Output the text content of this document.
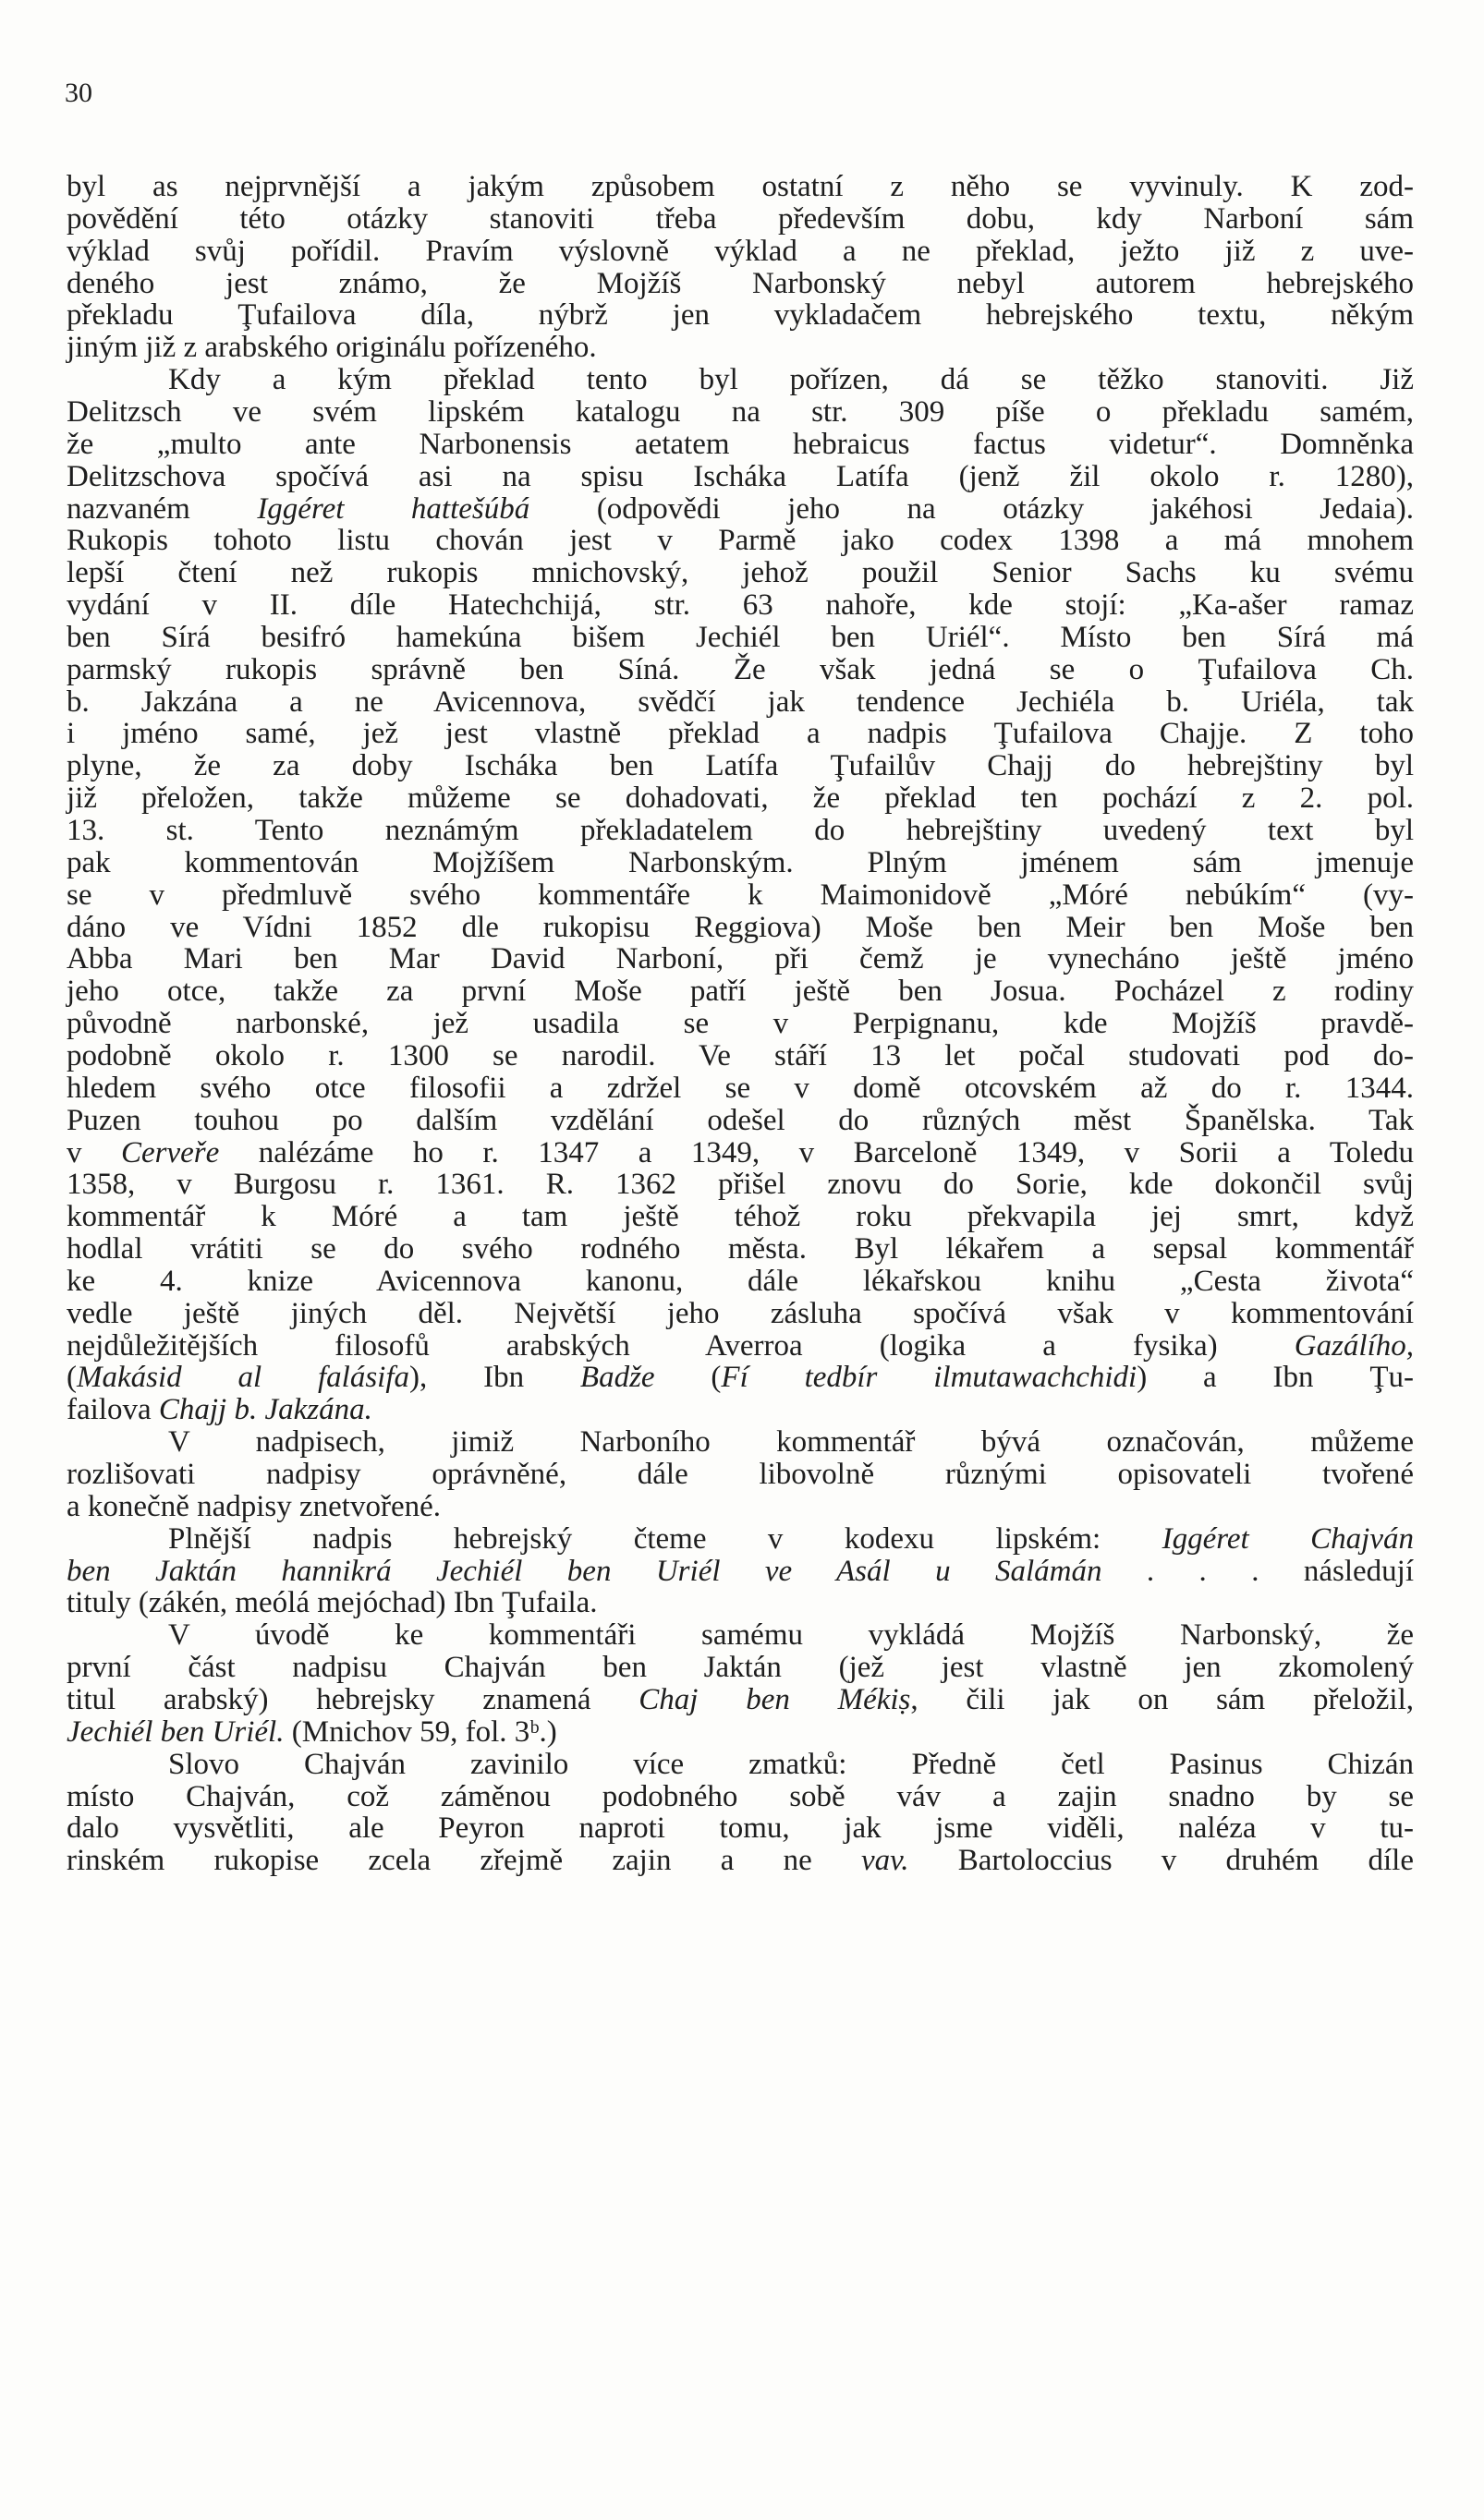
30
byl as nejprvnější a jakým způsobem ostatní z něho se vyvinuly. K zod-
povědění této otázky stanoviti třeba především dobu, kdy Narboní sám
výklad svůj pořídil. Pravím výslovně výklad a ne překlad, ježto již z uve-
deného jest známo, že Mojžíš Narbonský nebyl autorem hebrejského
překladu Ţufailova díla, nýbrž jen vykladačem hebrejského textu, někým
jiným již z arabského originálu pořízeného.
Kdy a kým překlad tento byl pořízen, dá se těžko stanoviti. Již
Delitzsch ve svém lipském katalogu na str. 309 píše o překladu samém,
že „multo ante Narbonensis aetatem hebraicus factus videtur“. Domněnka
Delitzschova spočívá asi na spisu Ischáka Latífa (jenž žil okolo r. 1280),
nazvaném Iggéret hattešúbá (odpovědi jeho na otázky jakéhosi Jedaia).
Rukopis tohoto listu chován jest v Parmě jako codex 1398 a má mnohem
lepší čtení než rukopis mnichovský, jehož použil Senior Sachs ku svému
vydání v II. díle Hatechchijá, str. 63 nahoře, kde stojí: „Ka-ašer ramaz
ben Sírá besifró hamekúna bišem Jechiél ben Uriél“. Místo ben Sírá má
parmský rukopis správně ben Síná. Že však jedná se o Ţufailova Ch.
b. Jakzána a ne Avicennova, svědčí jak tendence Jechiéla b. Uriéla, tak
i jméno samé, jež jest vlastně překlad a nadpis Ţufailova Chajje. Z toho
plyne, že za doby Ischáka ben Latífa Ţufailův Chajj do hebrejštiny byl
již přeložen, takže můžeme se dohadovati, že překlad ten pochází z 2. pol.
13. st. Tento neznámým překladatelem do hebrejštiny uvedený text byl
pak kommentován Mojžíšem Narbonským. Plným jménem sám jmenuje
se v předmluvě svého kommentáře k Maimonidově „Móré nebúkím“ (vy-
dáno ve Vídni 1852 dle rukopisu Reggiova) Moše ben Meir ben Moše ben
Abba Mari ben Mar David Narboní, při čemž je vynecháno ještě jméno
jeho otce, takže za první Moše patří ještě ben Josua. Pocházel z rodiny
původně narbonské, jež usadila se v Perpignanu, kde Mojžíš pravdě-
podobně okolo r. 1300 se narodil. Ve stáří 13 let počal studovati pod do-
hledem svého otce filosofii a zdržel se v domě otcovském až do r. 1344.
Puzen touhou po dalším vzdělání odešel do různých měst Španělska. Tak
v Cerveře nalézáme ho r. 1347 a 1349, v Barceloně 1349, v Sorii a Toledu
1358, v Burgosu r. 1361. R. 1362 přišel znovu do Sorie, kde dokončil svůj
kommentář k Móré a tam ještě téhož roku překvapila jej smrt, když
hodlal vrátiti se do svého rodného města. Byl lékařem a sepsal kommentář
ke 4. knize Avicennova kanonu, dále lékařskou knihu „Cesta života“
vedle ještě jiných děl. Největší jeho zásluha spočívá však v kommentování
nejdůležitějších filosofů arabských Averroa (logika a fysika) Gazálího,
(Makásid al falásifa), Ibn Badže (Fí tedbír ilmutawachchidi) a Ibn Ţu-
failova Chajj b. Jakzána.
V nadpisech, jimiž Narboního kommentář bývá označován, můžeme
rozlišovati nadpisy oprávněné, dále libovolně různými opisovateli tvořené
a konečně nadpisy znetvořené.
Plnější nadpis hebrejský čteme v kodexu lipském: Iggéret Chajván
ben Jaktán hannikrá Jechiél ben Uriél ve Asál u Salámán . . . následují
tituly (zákén, meólá mejóchad) Ibn Ţufaila.
V úvodě ke kommentáři samému vykládá Mojžíš Narbonský, že
první část nadpisu Chajván ben Jaktán (jež jest vlastně jen zkomolený
titul arabský) hebrejsky znamená Chaj ben Mékiṣ, čili jak on sám přeložil,
Jechiél ben Uriél. (Mnichov 59, fol. 3ᵇ.)
Slovo Chajván zavinilo více zmatků: Předně četl Pasinus Chizán
místo Chajván, což záměnou podobného sobě váv a zajin snadno by se
dalo vysvětliti, ale Peyron naproti tomu, jak jsme viděli, naléza v tu-
rinském rukopise zcela zřejmě zajin a ne vav. Bartoloccius v druhém díle
